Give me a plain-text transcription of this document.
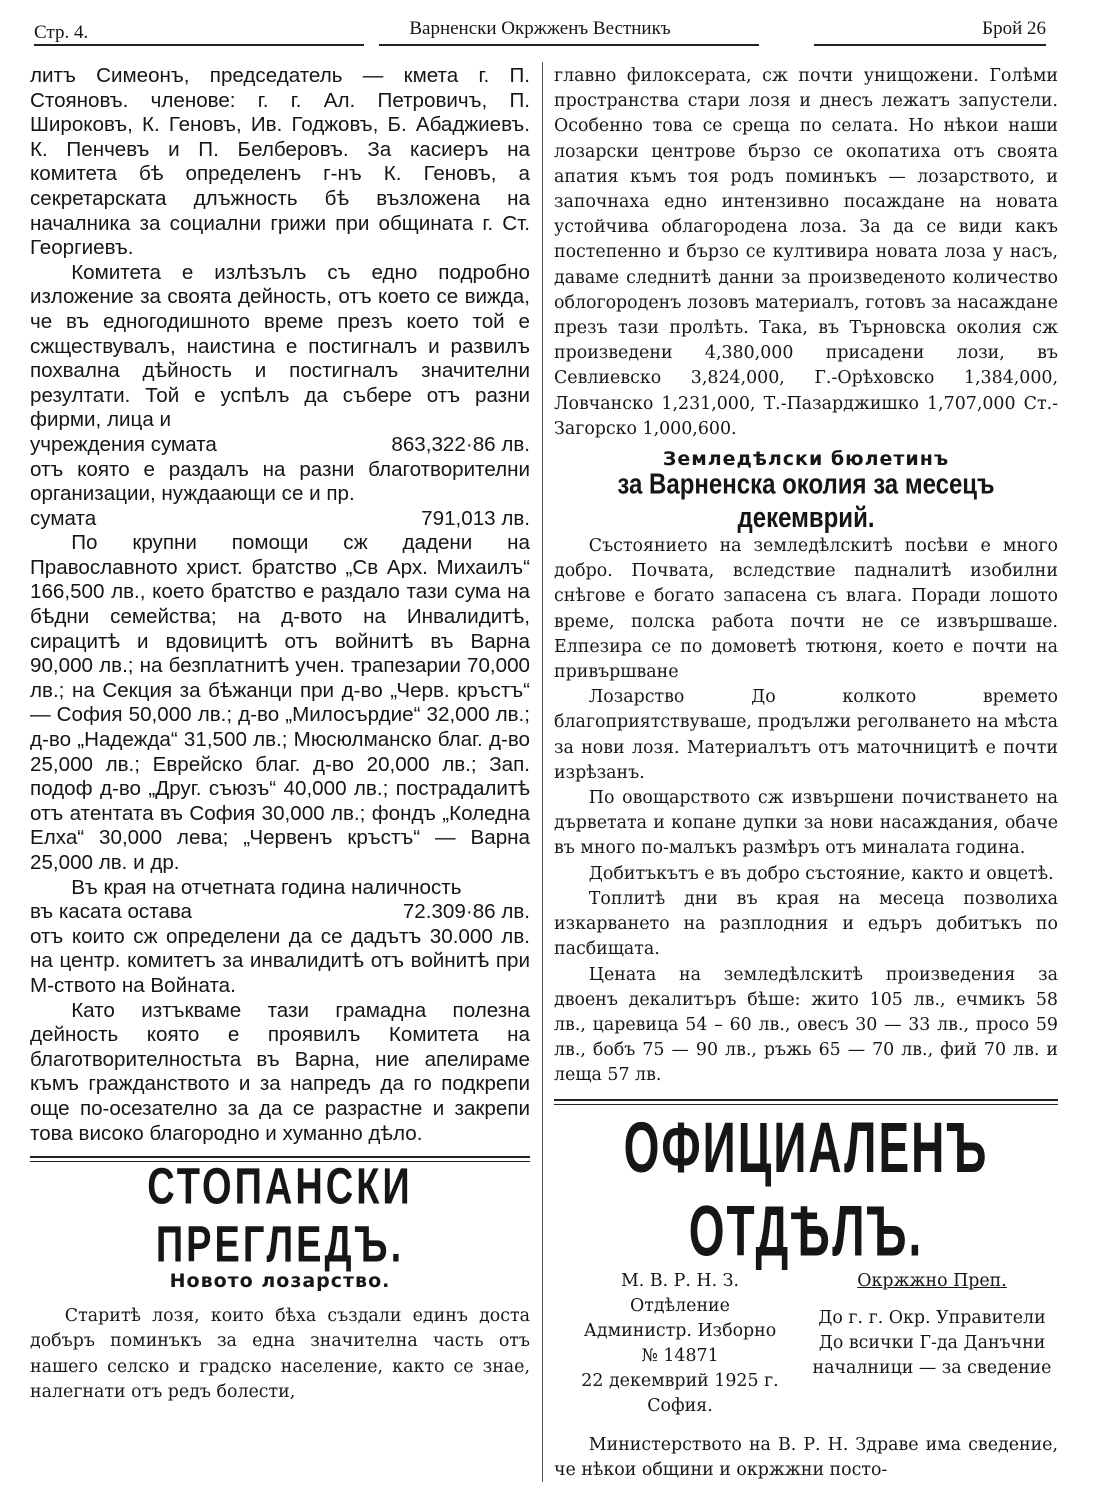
Стр. 4.	Варненски Окржженъ Вестникъ	Брой 26

литъ Симеонъ, председатель — кмета г. П. Стояновъ. членове: г. г. Ал. Петровичъ, П. Широковъ, К. Геновъ, Ив. Годжовъ, Б. Абаджиевъ. К. Пенчевъ и П. Белберовъ. За касиеръ на комитета бѣ определенъ г-нъ К. Геновъ, а секретарската длъжность бѣ възложена на началника за социални грижи при общината г. Ст. Георгиевъ.

Комитета е излѣзълъ съ едно подробно изложение за своята дейность, отъ което се вижда, че въ едногодишното време презъ което той е сжществувалъ, наистина е постигналъ и развилъ похвална дѣйность и постигналъ значителни резултати. Той е успѣлъ да събере отъ разни фирми, лица и

учреждения сумата	863,322·86 лв.

отъ която е раздалъ на разни благотворителни организации, нуждаающи се и пр.

сумата	791,013 лв.

По крупни помощи сж дадени на Православното христ. братство „Св Арх. Михаилъ“ 166,500 лв., което братство е раздало тази сума на бѣдни семейства; на д-вото на Инвалидитѣ, сирацитѣ и вдовицитѣ отъ войнитѣ въ Варна 90,000 лв.; на безплатнитѣ учен. трапезарии 70,000 лв.; на Секция за бѣжанци при д-во „Черв. кръстъ“ — София 50,000 лв.; д-во „Милосърдие“ 32,000 лв.; д-во „Надежда“ 31,500 лв.; Мюсюлманско благ. д-во 25,000 лв.; Еврейско благ. д-во 20,000 лв.; Зап. подоф д-во „Друг. съюзъ“ 40,000 лв.; пострадалитѣ отъ атентата въ София 30,000 лв.; фондъ „Коледна Елха“ 30,000 лева; „Червенъ кръстъ“ — Варна 25,000 лв. и др.

Въ края на отчетната година наличность

въ касата остава	72.309·86 лв.

отъ които сж определени да се дадътъ 30.000 лв. на центр. комитетъ за инвалидитѣ отъ войнитѣ при М-ството на Войната.

Като изтъкваме тази грамадна полезна дейность която е проявилъ Комитета на благотворителностьта въ Варна, ние апелираме къмъ гражданството и за напредъ да го подкрепи още по-осезателно за да се разрастне и закрепи това високо благородно и хуманно дѣло.

СТОПАНСКИ ПРЕГЛЕДЪ.
Новото лозарство.

Старитѣ лозя, които бѣха създали единъ доста добъръ поминъкъ за една значителна часть отъ нашего селско и градско население, както се знае, налегнати отъ редъ болести,

главно филоксерата, сж почти унищожени. Голѣми пространства стари лозя и днесъ лежатъ запустели. Особенно това се среща по селата. Но нѣкои наши лозарски центрове бързо се окопатиха отъ своята апатия къмъ тоя родъ поминъкъ — лозарството, и започнаха едно интензивно посаждане на новата устойчива облагородена лоза. За да се види какъ постепенно и бързо се култивира новата лоза у насъ, даваме следнитѣ данни за произведеното количество облогороденъ лозовъ материалъ, готовъ за насаждане презъ тази пролѣть. Така, въ Търновска околия сж произведени 4,380,000 присадени лози, въ Севлиевско 3,824,000, Г.-Орѣховско 1,384,000, Ловчанско 1,231,000, Т.-Пазарджишко 1,707,000 Ст.-Загорско 1,000,600.

Земледѣлски бюлетинъ
за Варненска околия за месецъ декемврий.

Състоянието на земледѣлскитѣ посѣви е много добро. Почвата, вследствие падналитѣ изобилни снѣгове е богато запасена съ влага. Поради лошото време, полска работа почти не се извършваше. Елпезира се по домоветѣ тютюня, което е почти на привършване

Лозарство До колкото времето благоприятствуваше, продължи реголването на мѣста за нови лозя. Материалътъ отъ маточницитѣ е почти изрѣзанъ.

По овощарството сж извършени почистването на дърветата и копане дупки за нови насаждания, обаче въ много по-малъкъ размѣръ отъ миналата година.

Добитъкътъ е въ добро състояние, както и овцетѣ.

Топлитѣ дни въ края на месеца позволиха изкарването на разплодния и едъръ добитъкъ по пасбищата.

Цената на земледѣлскитѣ произведения за двоенъ декалитъръ бѣше: жито 105 лв., ечмикъ 58 лв., царевица 54 – 60 лв., овесъ 30 — 33 лв., просо 59 лв., бобъ 75 — 90 лв., ръжь 65 — 70 лв., фий 70 лв. и леща 57 лв.

ОФИЦИАЛЕНЪ ОТДѢЛЪ.
М. В. Р. Н. З.
Отдѣление
Администр. Изборно
№ 14871
22 декемврий 1925 г.
София.
Окржжно Преп.
До г. г. Окр. Управители
До всички Г-да Данъчни
началници — за сведение

Министерството на В. Р. Н. Здраве има сведение, че нѣкои общини и окржжни посто-
